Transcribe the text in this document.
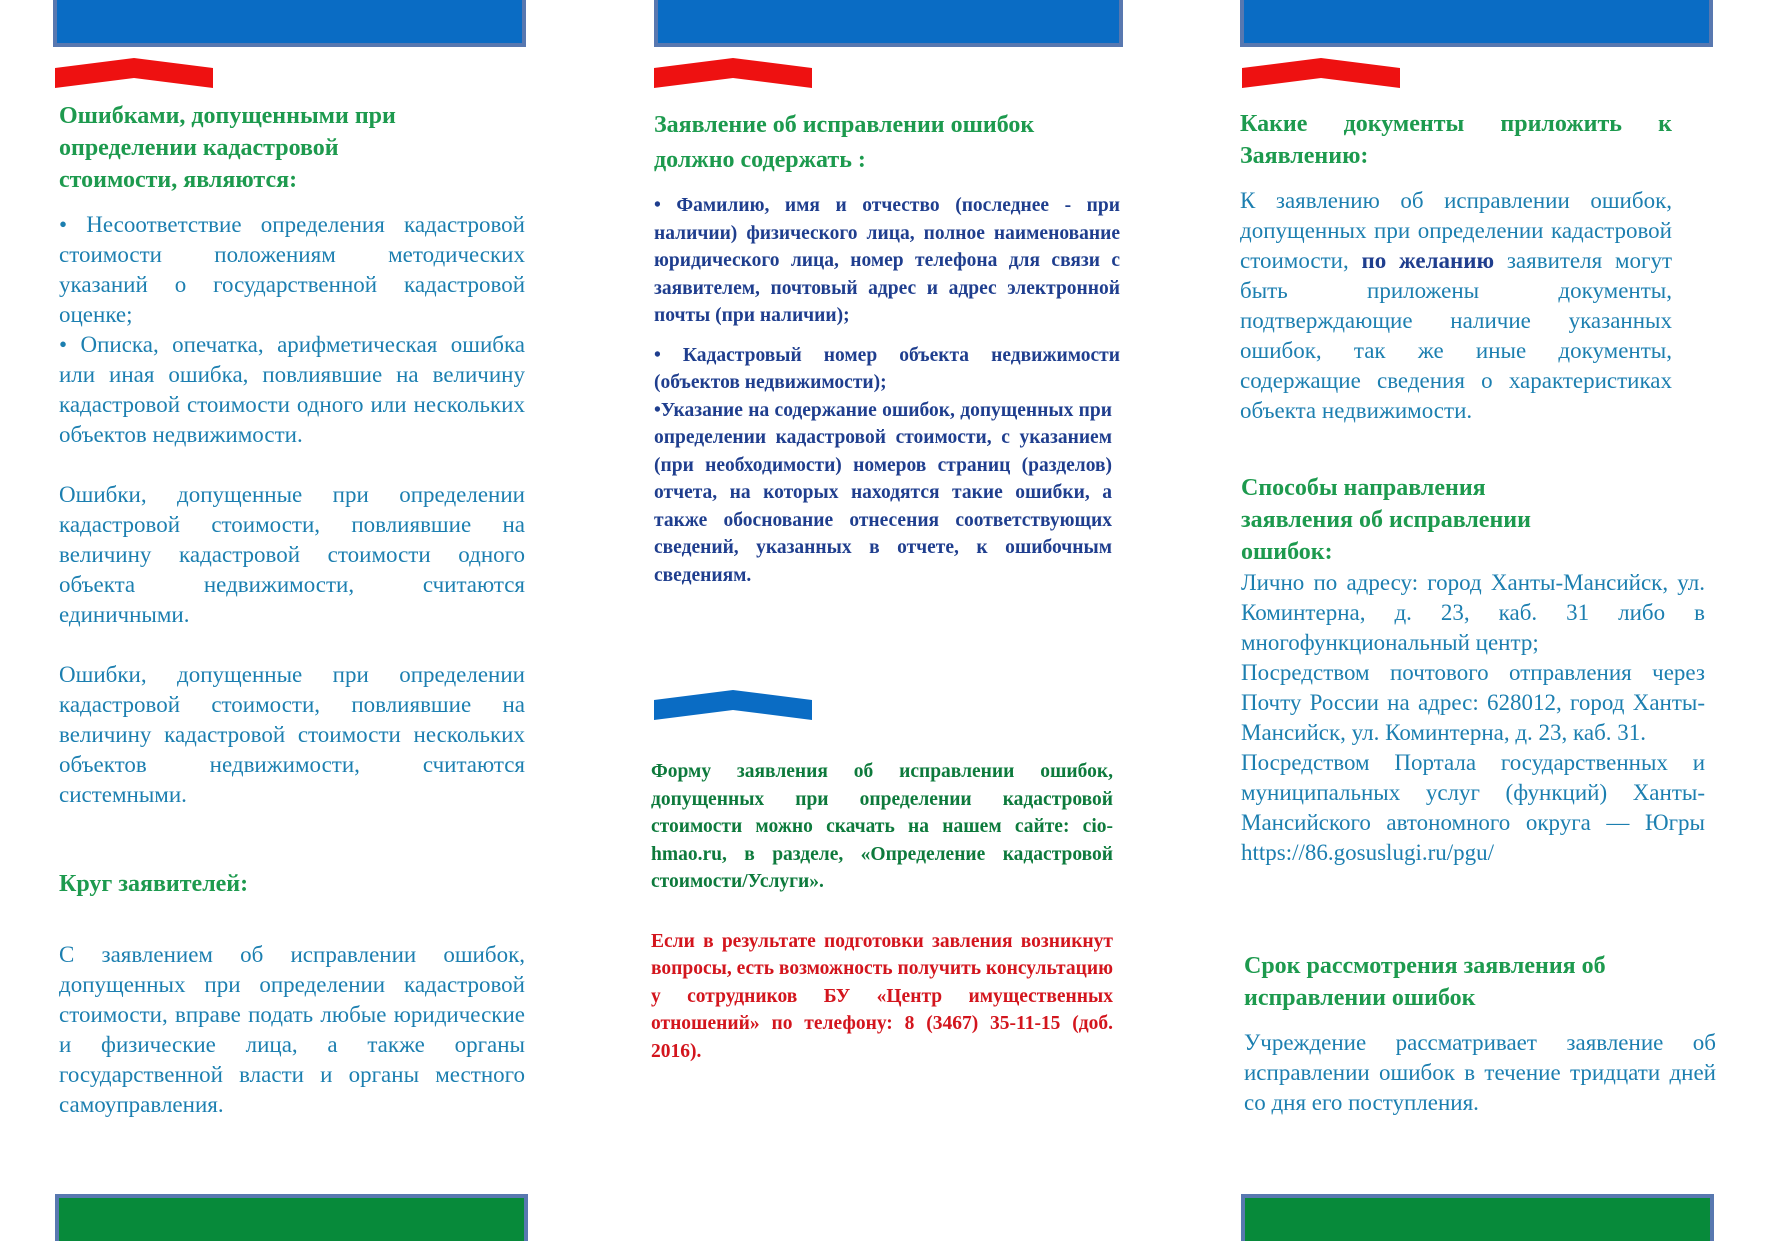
Ошибками, допущенными при определении кадастровой стоимости, являются:

• Несоответствие определения кадастровой стоимости положениям методических указаний о государственной кадастровой оценке;

• Описка, опечатка, арифметическая ошибка или иная ошибка, повлиявшие на величину кадастровой стоимости одного или нескольких объектов недвижимости.

Ошибки, допущенные при определении кадастровой стоимости, повлиявшие на величину кадастровой стоимости одного объекта недвижимости, считаются единичными.

Ошибки, допущенные при определении кадастровой стоимости, повлиявшие на величину кадастровой стоимости нескольких объектов недвижимости, считаются системными.

Круг заявителей:

С заявлением об исправлении ошибок, допущенных при определении кадастровой стоимости, вправе подать любые юридические и физические лица, а также органы государственной власти и органы местного самоуправления.

Заявление об исправлении ошибок должно содержать :

• Фамилию, имя и отчество (последнее - при наличии) физического лица, полное наименование юридического лица, номер телефона для связи с заявителем, почтовый адрес и адрес электронной почты (при наличии);

• Кадастровый номер объекта недвижимости (объектов недвижимости);

•Указание на содержание ошибок, допущенных при определении кадастровой стоимости, с указанием (при необходимости) номеров страниц (разделов) отчета, на которых находятся такие ошибки, а также обоснование отнесения соответствующих сведений, указанных в отчете, к ошибочным сведениям.

Форму заявления об исправлении ошибок, допущенных при определении кадастровой стоимости можно скачать на нашем сайте: cio-hmao.ru, в разделе, «Определение кадастровой стоимости/Услуги».

Если в результате подготовки завления возникнут вопросы, есть возможность получить консультацию у сотрудников БУ «Центр имущественных отношений» по телефону: 8 (3467) 35-11-15 (доб. 2016).

Какие документы приложить к Заявлению:

К заявлению об исправлении ошибок, допущенных при определении кадастровой стоимости, по желанию заявителя могут быть приложены документы, подтверждающие наличие указанных ошибок, так же иные документы, содержащие сведения о характеристиках объекта недвижимости.

Способы направления заявления об исправлении ошибок:

Лично по адресу: город Ханты-Мансийск, ул. Коминтерна, д. 23, каб. 31 либо в многофункциональный центр;

Посредством почтового отправления через Почту России на адрес: 628012, город Ханты-Мансийск, ул. Коминтерна, д. 23, каб. 31.

Посредством Портала государственных и муниципальных услуг (функций) Ханты-Мансийского автономного округа — Югры https://86.gosuslugi.ru/pgu/

Срок рассмотрения заявления об исправлении ошибок

Учреждение рассматривает заявление об исправлении ошибок в течение тридцати дней со дня его поступления.
